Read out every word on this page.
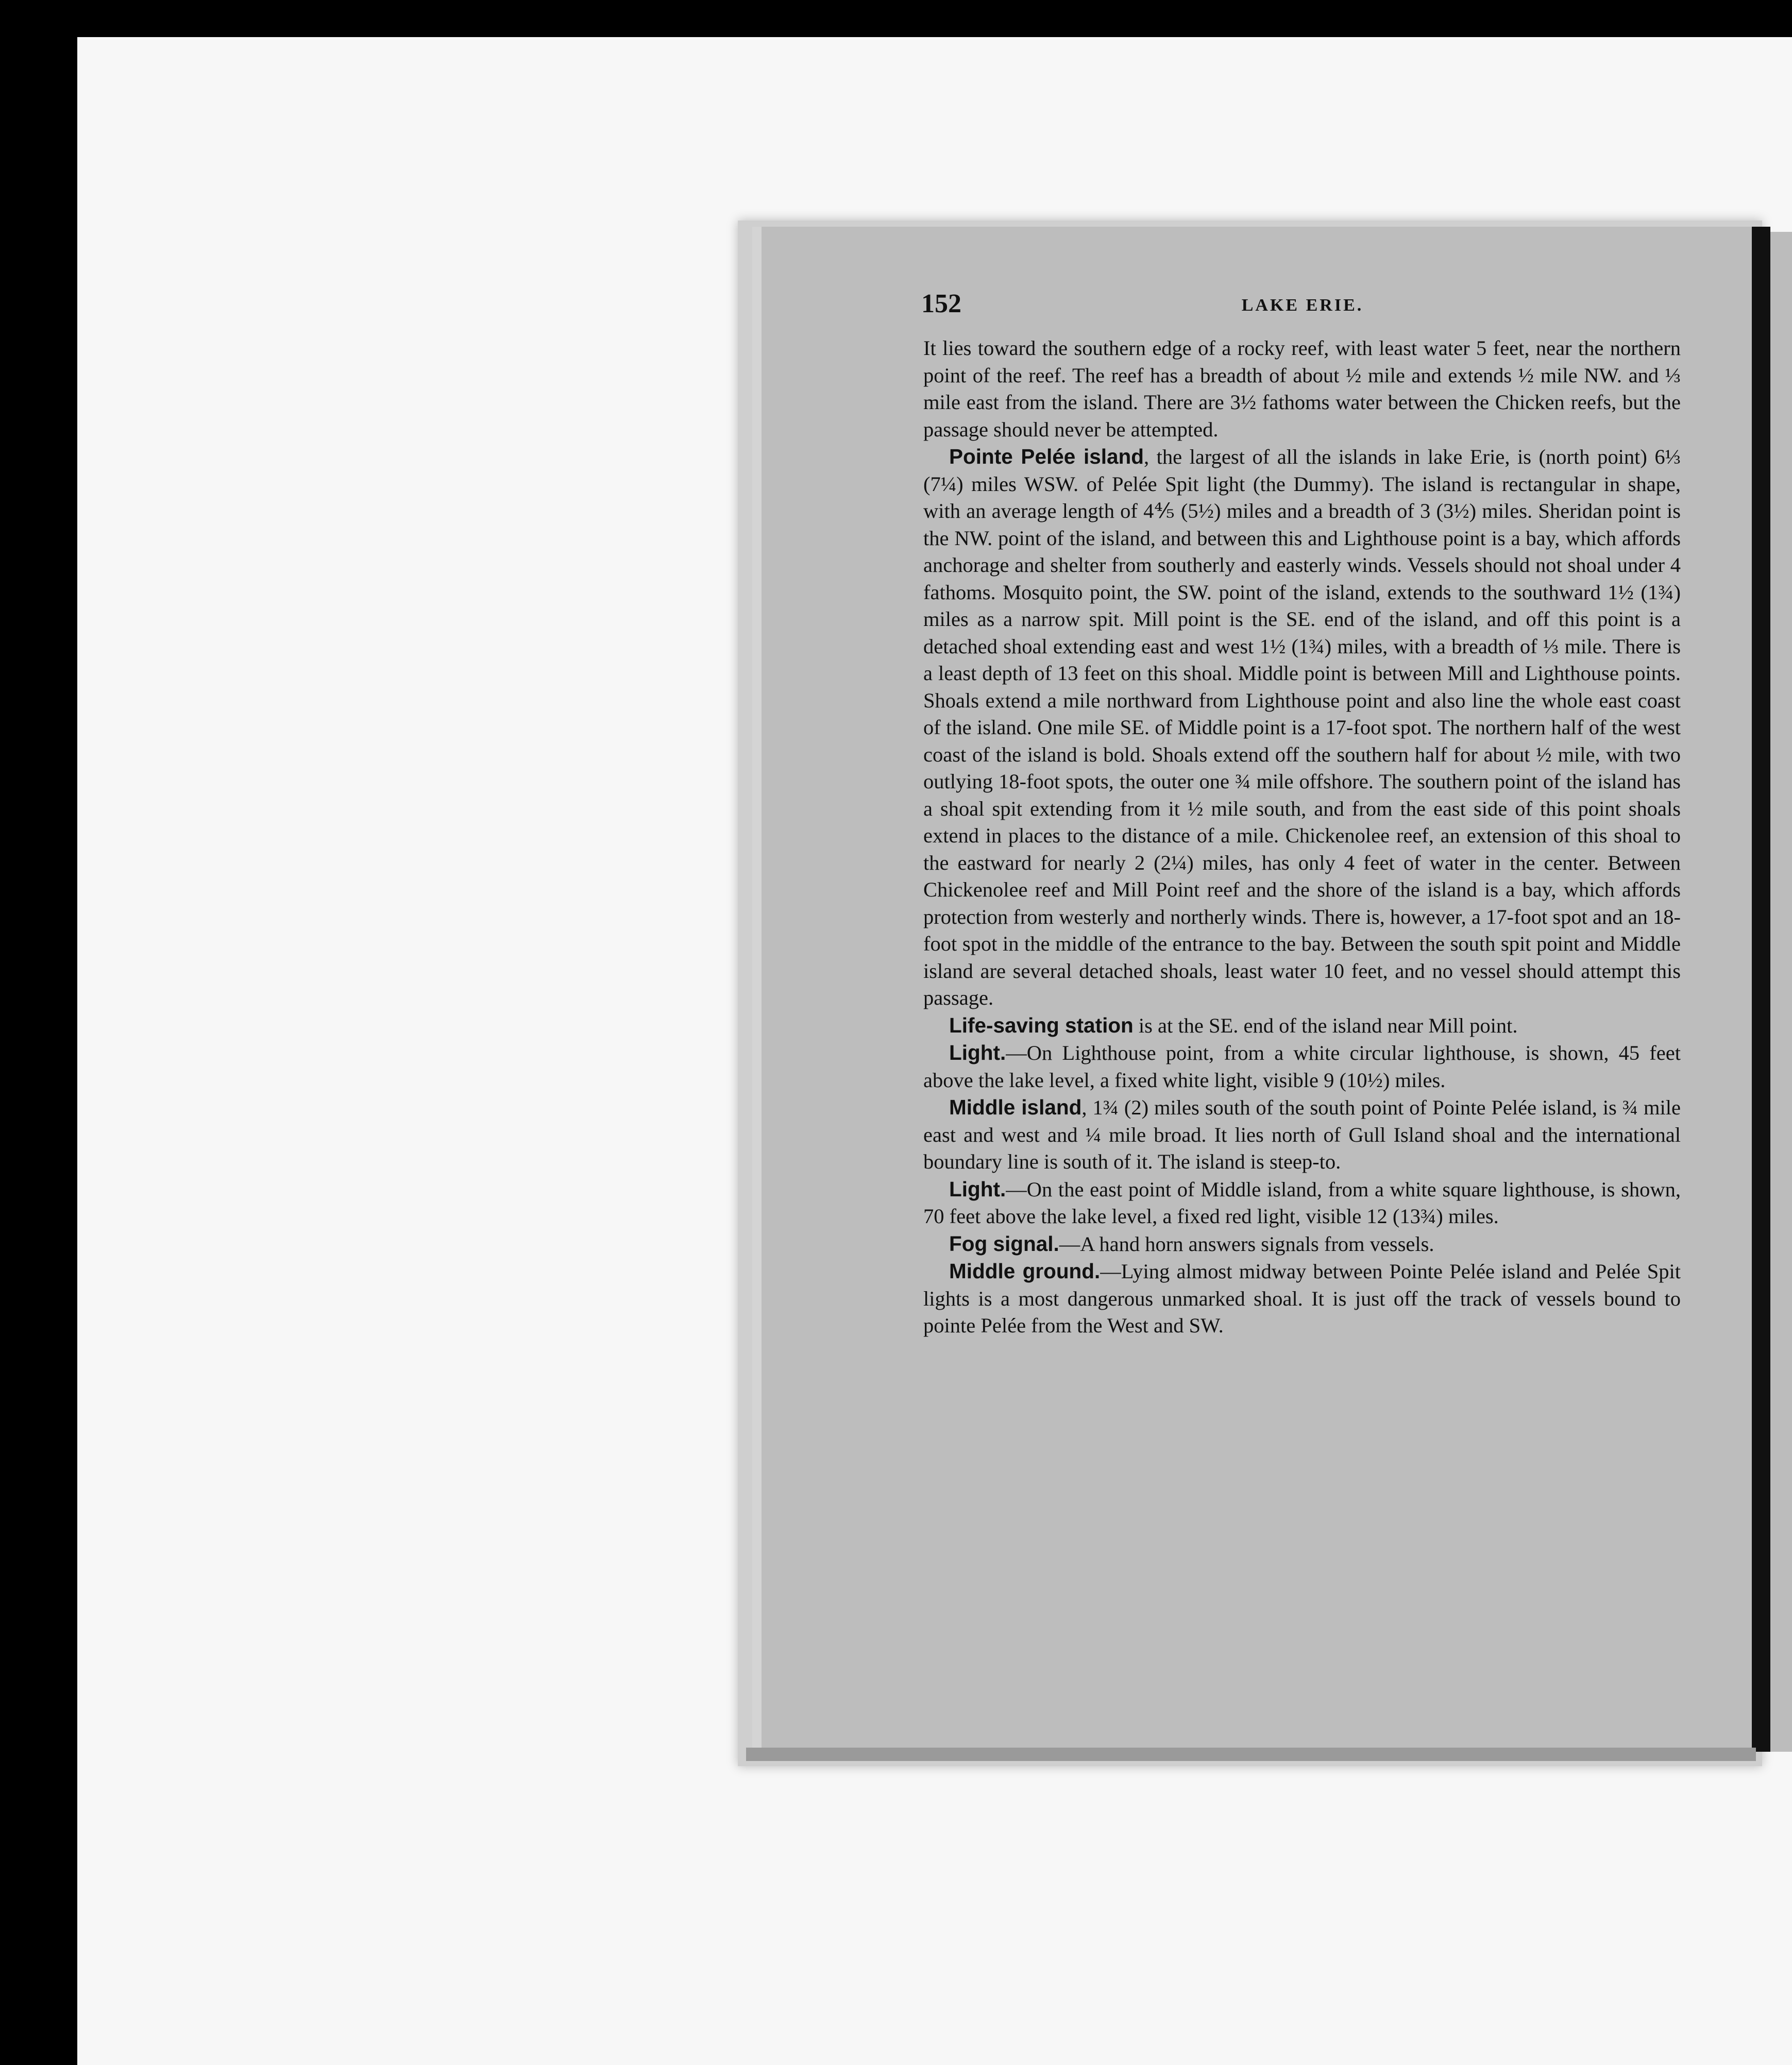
152	LAKE ERIE.

It lies toward the southern edge of a rocky reef, with least water 5 feet, near the northern point of the reef. The reef has a breadth of about ½ mile and extends ½ mile NW. and ⅓ mile east from the island. There are 3½ fathoms water between the Chicken reefs, but the passage should never be attempted.

Pointe Pelée island, the largest of all the islands in lake Erie, is (north point) 6⅓ (7¼) miles WSW. of Pelée Spit light (the Dummy). The island is rectangular in shape, with an average length of 4⅘ (5½) miles and a breadth of 3 (3½) miles. Sheridan point is the NW. point of the island, and between this and Lighthouse point is a bay, which affords anchorage and shelter from southerly and easterly winds. Vessels should not shoal under 4 fathoms. Mosquito point, the SW. point of the island, extends to the southward 1½ (1¾) miles as a narrow spit. Mill point is the SE. end of the island, and off this point is a detached shoal extending east and west 1½ (1¾) miles, with a breadth of ⅓ mile. There is a least depth of 13 feet on this shoal. Middle point is between Mill and Lighthouse points. Shoals extend a mile northward from Lighthouse point and also line the whole east coast of the island. One mile SE. of Middle point is a 17-foot spot. The northern half of the west coast of the island is bold. Shoals extend off the southern half for about ½ mile, with two outlying 18-foot spots, the outer one ¾ mile offshore. The southern point of the island has a shoal spit extending from it ½ mile south, and from the east side of this point shoals extend in places to the distance of a mile. Chickenolee reef, an extension of this shoal to the eastward for nearly 2 (2¼) miles, has only 4 feet of water in the center. Between Chickenolee reef and Mill Point reef and the shore of the island is a bay, which affords protection from westerly and northerly winds. There is, however, a 17-foot spot and an 18-foot spot in the middle of the entrance to the bay. Between the south spit point and Middle island are several detached shoals, least water 10 feet, and no vessel should attempt this passage.

Life-saving station is at the SE. end of the island near Mill point.

Light.—On Lighthouse point, from a white circular lighthouse, is shown, 45 feet above the lake level, a fixed white light, visible 9 (10½) miles.

Middle island, 1¾ (2) miles south of the south point of Pointe Pelée island, is ¾ mile east and west and ¼ mile broad. It lies north of Gull Island shoal and the international boundary line is south of it. The island is steep-to.

Light.—On the east point of Middle island, from a white square lighthouse, is shown, 70 feet above the lake level, a fixed red light, visible 12 (13¾) miles.

Fog signal.—A hand horn answers signals from vessels.

Middle ground.—Lying almost midway between Pointe Pelée island and Pelée Spit lights is a most dangerous unmarked shoal. It is just off the track of vessels bound to pointe Pelée from the West and SW.
